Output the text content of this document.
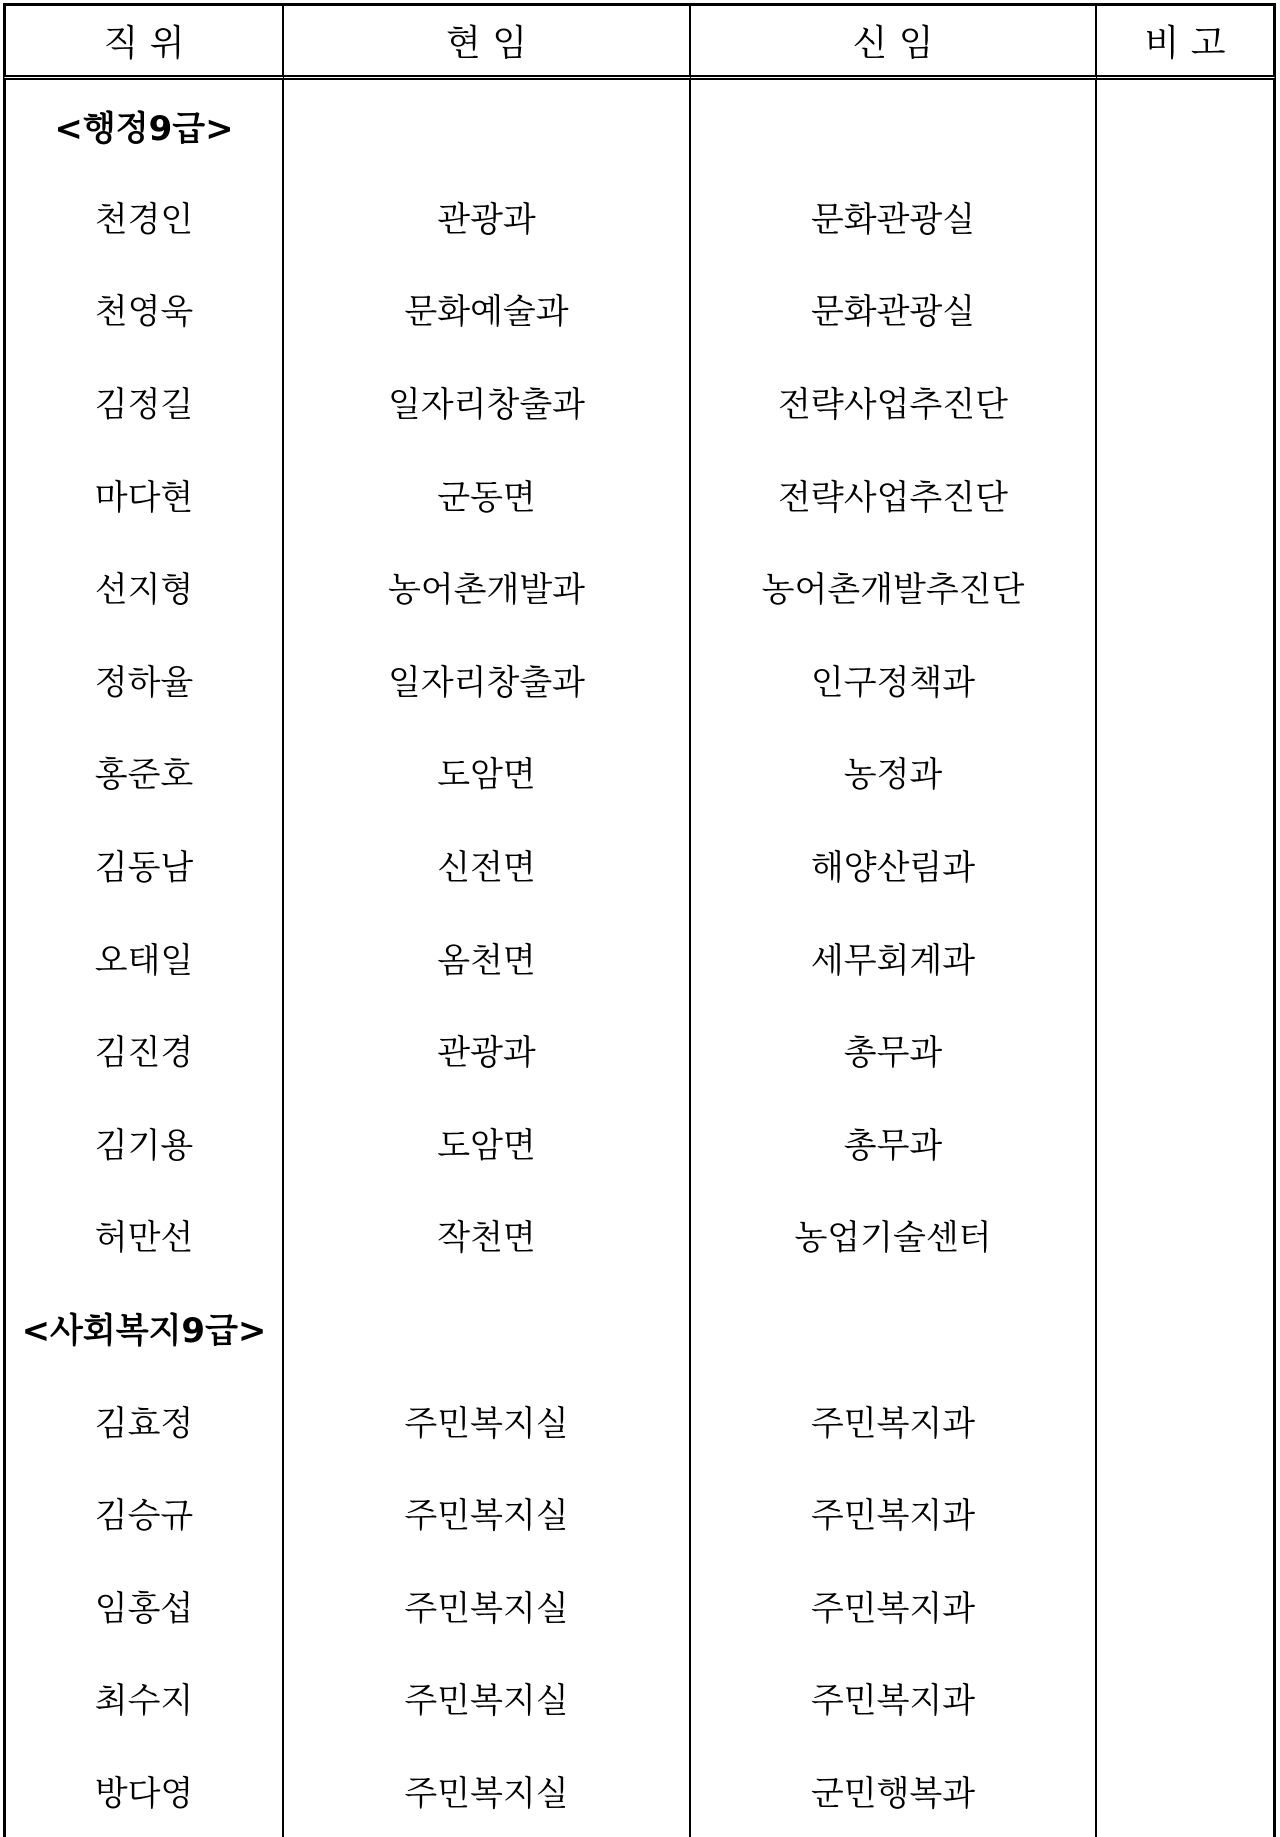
직 위	현 임	신 임	비 고
<행정9급>			
천경인	관광과	문화관광실	
천영욱	문화예술과	문화관광실	
김정길	일자리창출과	전략사업추진단	
마다현	군동면	전략사업추진단	
선지형	농어촌개발과	농어촌개발추진단	
정하율	일자리창출과	인구정책과	
홍준호	도암면	농정과	
김동남	신전면	해양산림과	
오태일	옴천면	세무회계과	
김진경	관광과	총무과	
김기용	도암면	총무과	
허만선	작천면	농업기술센터	
<사회복지9급>			
김효정	주민복지실	주민복지과	
김승규	주민복지실	주민복지과	
임홍섭	주민복지실	주민복지과	
최수지	주민복지실	주민복지과	
방다영	주민복지실	군민행복과	
